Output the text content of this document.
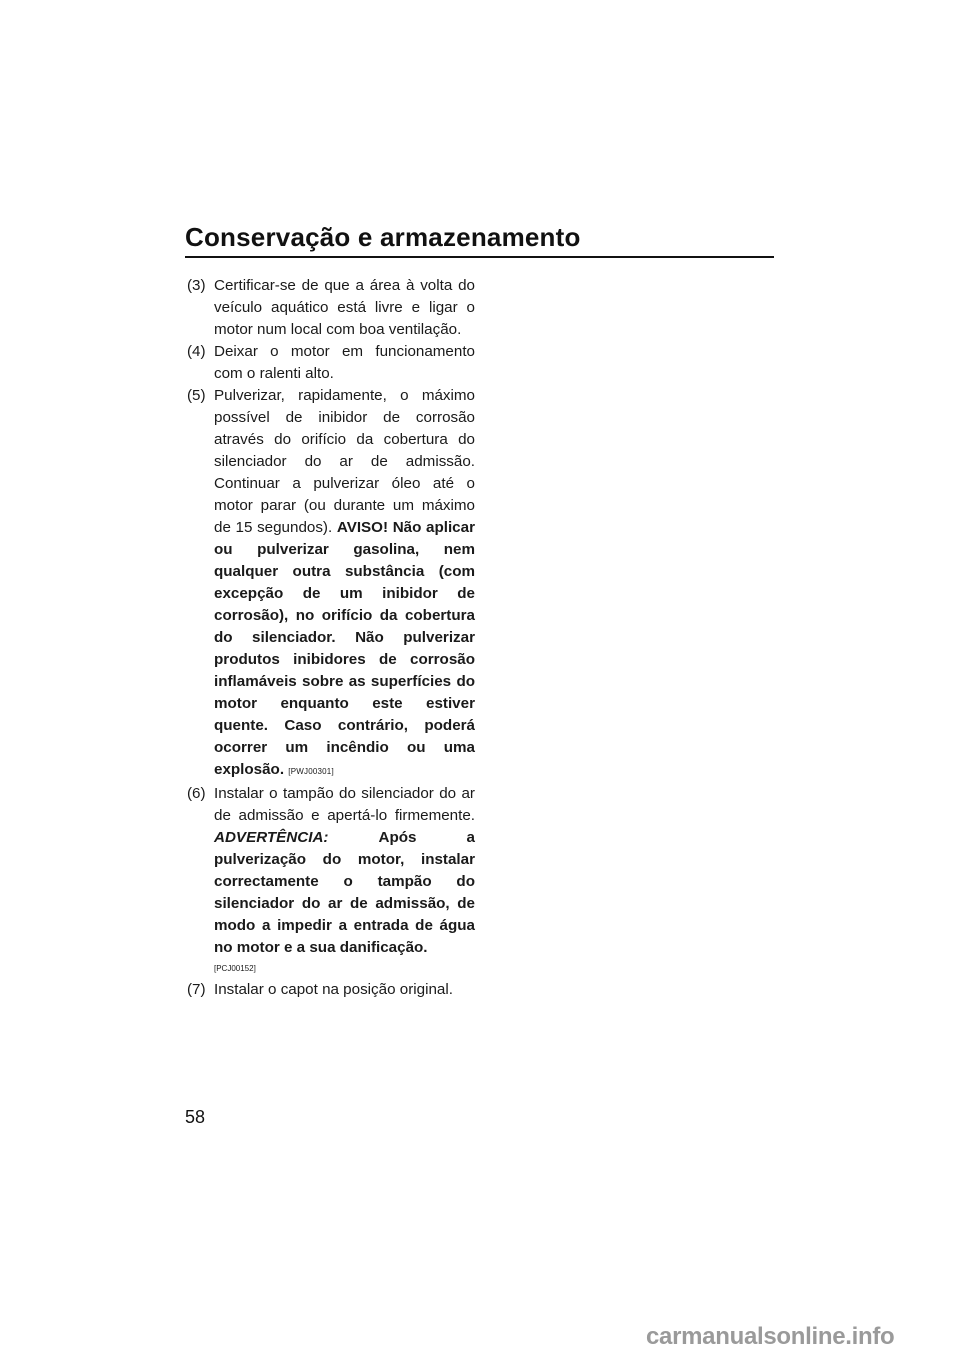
Conservação e armazenamento
(3) Certificar-se de que a área à volta do veículo aquático está livre e ligar o motor num local com boa ventilação.
(4) Deixar o motor em funcionamento com o ralenti alto.
(5) Pulverizar, rapidamente, o máximo possível de inibidor de corrosão através do orifício da cobertura do silenciador do ar de admissão. Continuar a pulverizar óleo até o motor parar (ou durante um máximo de 15 segundos). AVISO! Não aplicar ou pulverizar gasolina, nem qualquer outra substância (com excepção de um inibidor de corrosão), no orifício da cobertura do silenciador. Não pulverizar produtos inibidores de corrosão inflamáveis sobre as superfícies do motor enquanto este estiver quente. Caso contrário, poderá ocorrer um incêndio ou uma explosão. [PWJ00301]
(6) Instalar o tampão do silenciador do ar de admissão e apertá-lo firmemente. ADVERTÊNCIA:	Após a pulverização do motor, instalar correctamente o tampão do silenciador do ar de admissão, de modo a impedir a entrada de água no motor e a sua danificação.
[PCJ00152]
(7) Instalar o capot na posição original.
58
carmanualsonline.info
